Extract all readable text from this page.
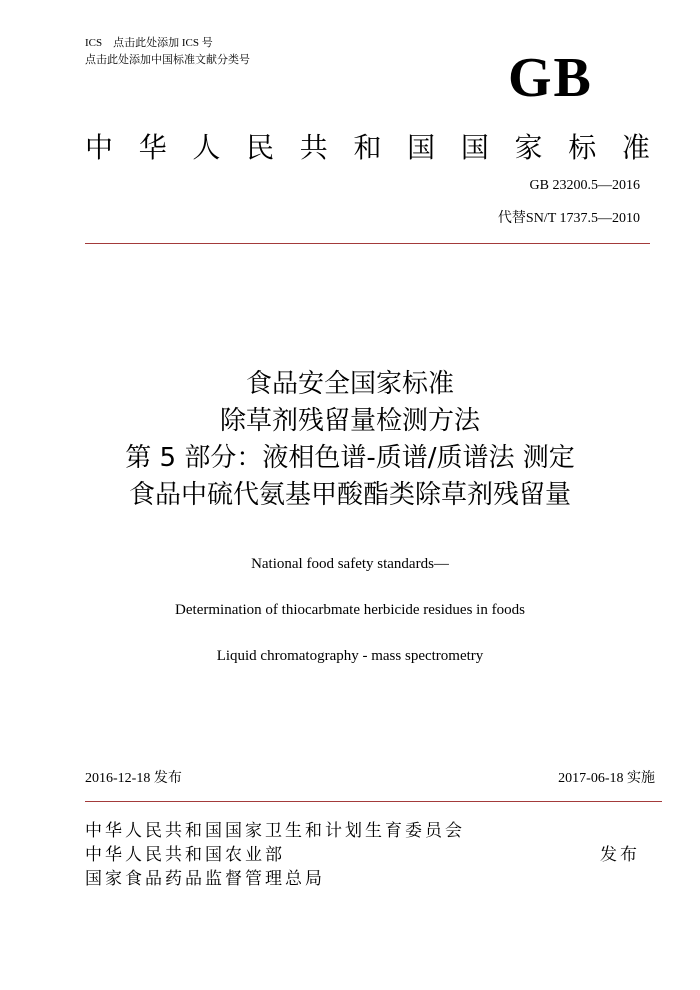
ICS　点击此处添加 ICS 号
点击此处添加中国标准文献分类号	GB
中 华 人 民 共 和 国 国 家 标 准
GB 23200.5—2016
代替SN/T 1737.5—2010
食品安全国家标准
除草剂残留量检测方法
第 5 部分：液相色谱-质谱/质谱法 测定
食品中硫代氨基甲酸酯类除草剂残留量
National food safety standards—
Determination of thiocarbmate herbicide residues in foods
Liquid chromatography - mass spectrometry
2016-12-18 发布	2017-06-18 实施
中华人民共和国国家卫生和计划生育委员会
中华人民共和国农业部
国家食品药品监督管理总局
发布
